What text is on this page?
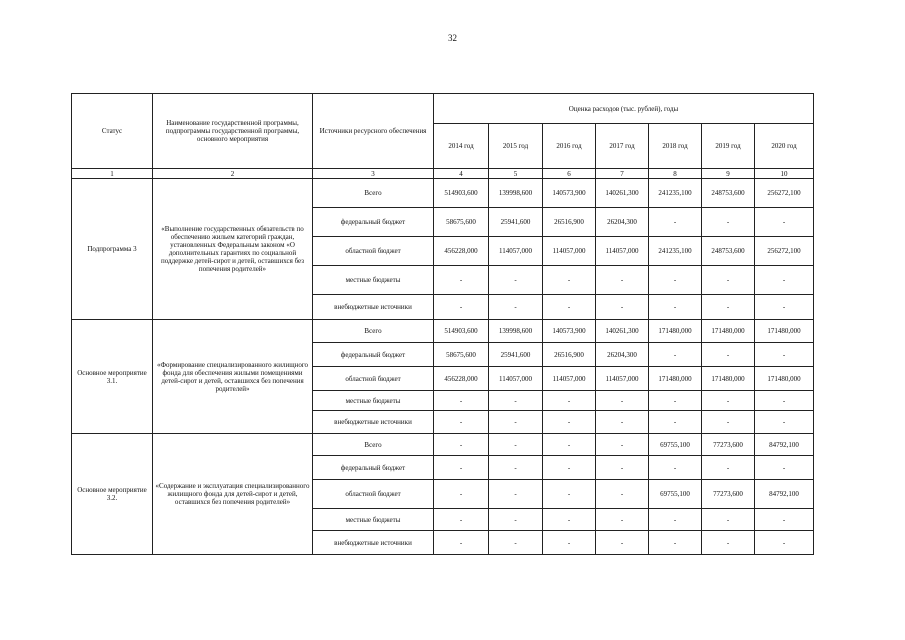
32
Статус	Наименование государственной программы, подпрограммы государственной программы, основного мероприятия	Источники ресурсного обеспечения	Оценка расходов (тыс. рублей), годы						
			2014 год	2015 год	2016 год	2017 год	2018 год	2019 год	2020 год
1	2	3	4	5	6	7	8	9	10
Подпрограмма 3	«Выполнение государственных обязательств по обеспечению жильем категорий граждан, установленных Федеральным законом «О дополнительных гарантиях по социальной поддержке детей-сирот и детей, оставшихся без попечения родителей»	Всего	514903,600	139998,600	140573,900	140261,300	241235,100	248753,600	256272,100
		федеральный бюджет	58675,600	25941,600	26516,900	26204,300	-	-	-
		областной бюджет	456228,000	114057,000	114057,000	114057,000	241235,100	248753,600	256272,100
		местные бюджеты	-	-	-	-	-	-	-
		внебюджетные источники	-	-	-	-	-	-	-
Основное мероприятие 3.1.	«Формирование специализированного жилищного фонда для обеспечения жилыми помещениями детей-сирот и детей, оставшихся без попечения родителей»	Всего	514903,600	139998,600	140573,900	140261,300	171480,000	171480,000	171480,000
		федеральный бюджет	58675,600	25941,600	26516,900	26204,300	-	-	-
		областной бюджет	456228,000	114057,000	114057,000	114057,000	171480,000	171480,000	171480,000
		местные бюджеты	-	-	-	-	-	-	-
		внебюджетные источники	-	-	-	-	-	-	-
Основное мероприятие 3.2.	«Содержание и эксплуатация специализированного жилищного фонда для детей-сирот и детей, оставшихся без попечения родителей»	Всего	-	-	-	-	69755,100	77273,600	84792,100
		федеральный бюджет	-	-	-	-	-	-	-
		областной бюджет	-	-	-	-	69755,100	77273,600	84792,100
		местные бюджеты	-	-	-	-	-	-	-
		внебюджетные источники	-	-	-	-	-	-	-
